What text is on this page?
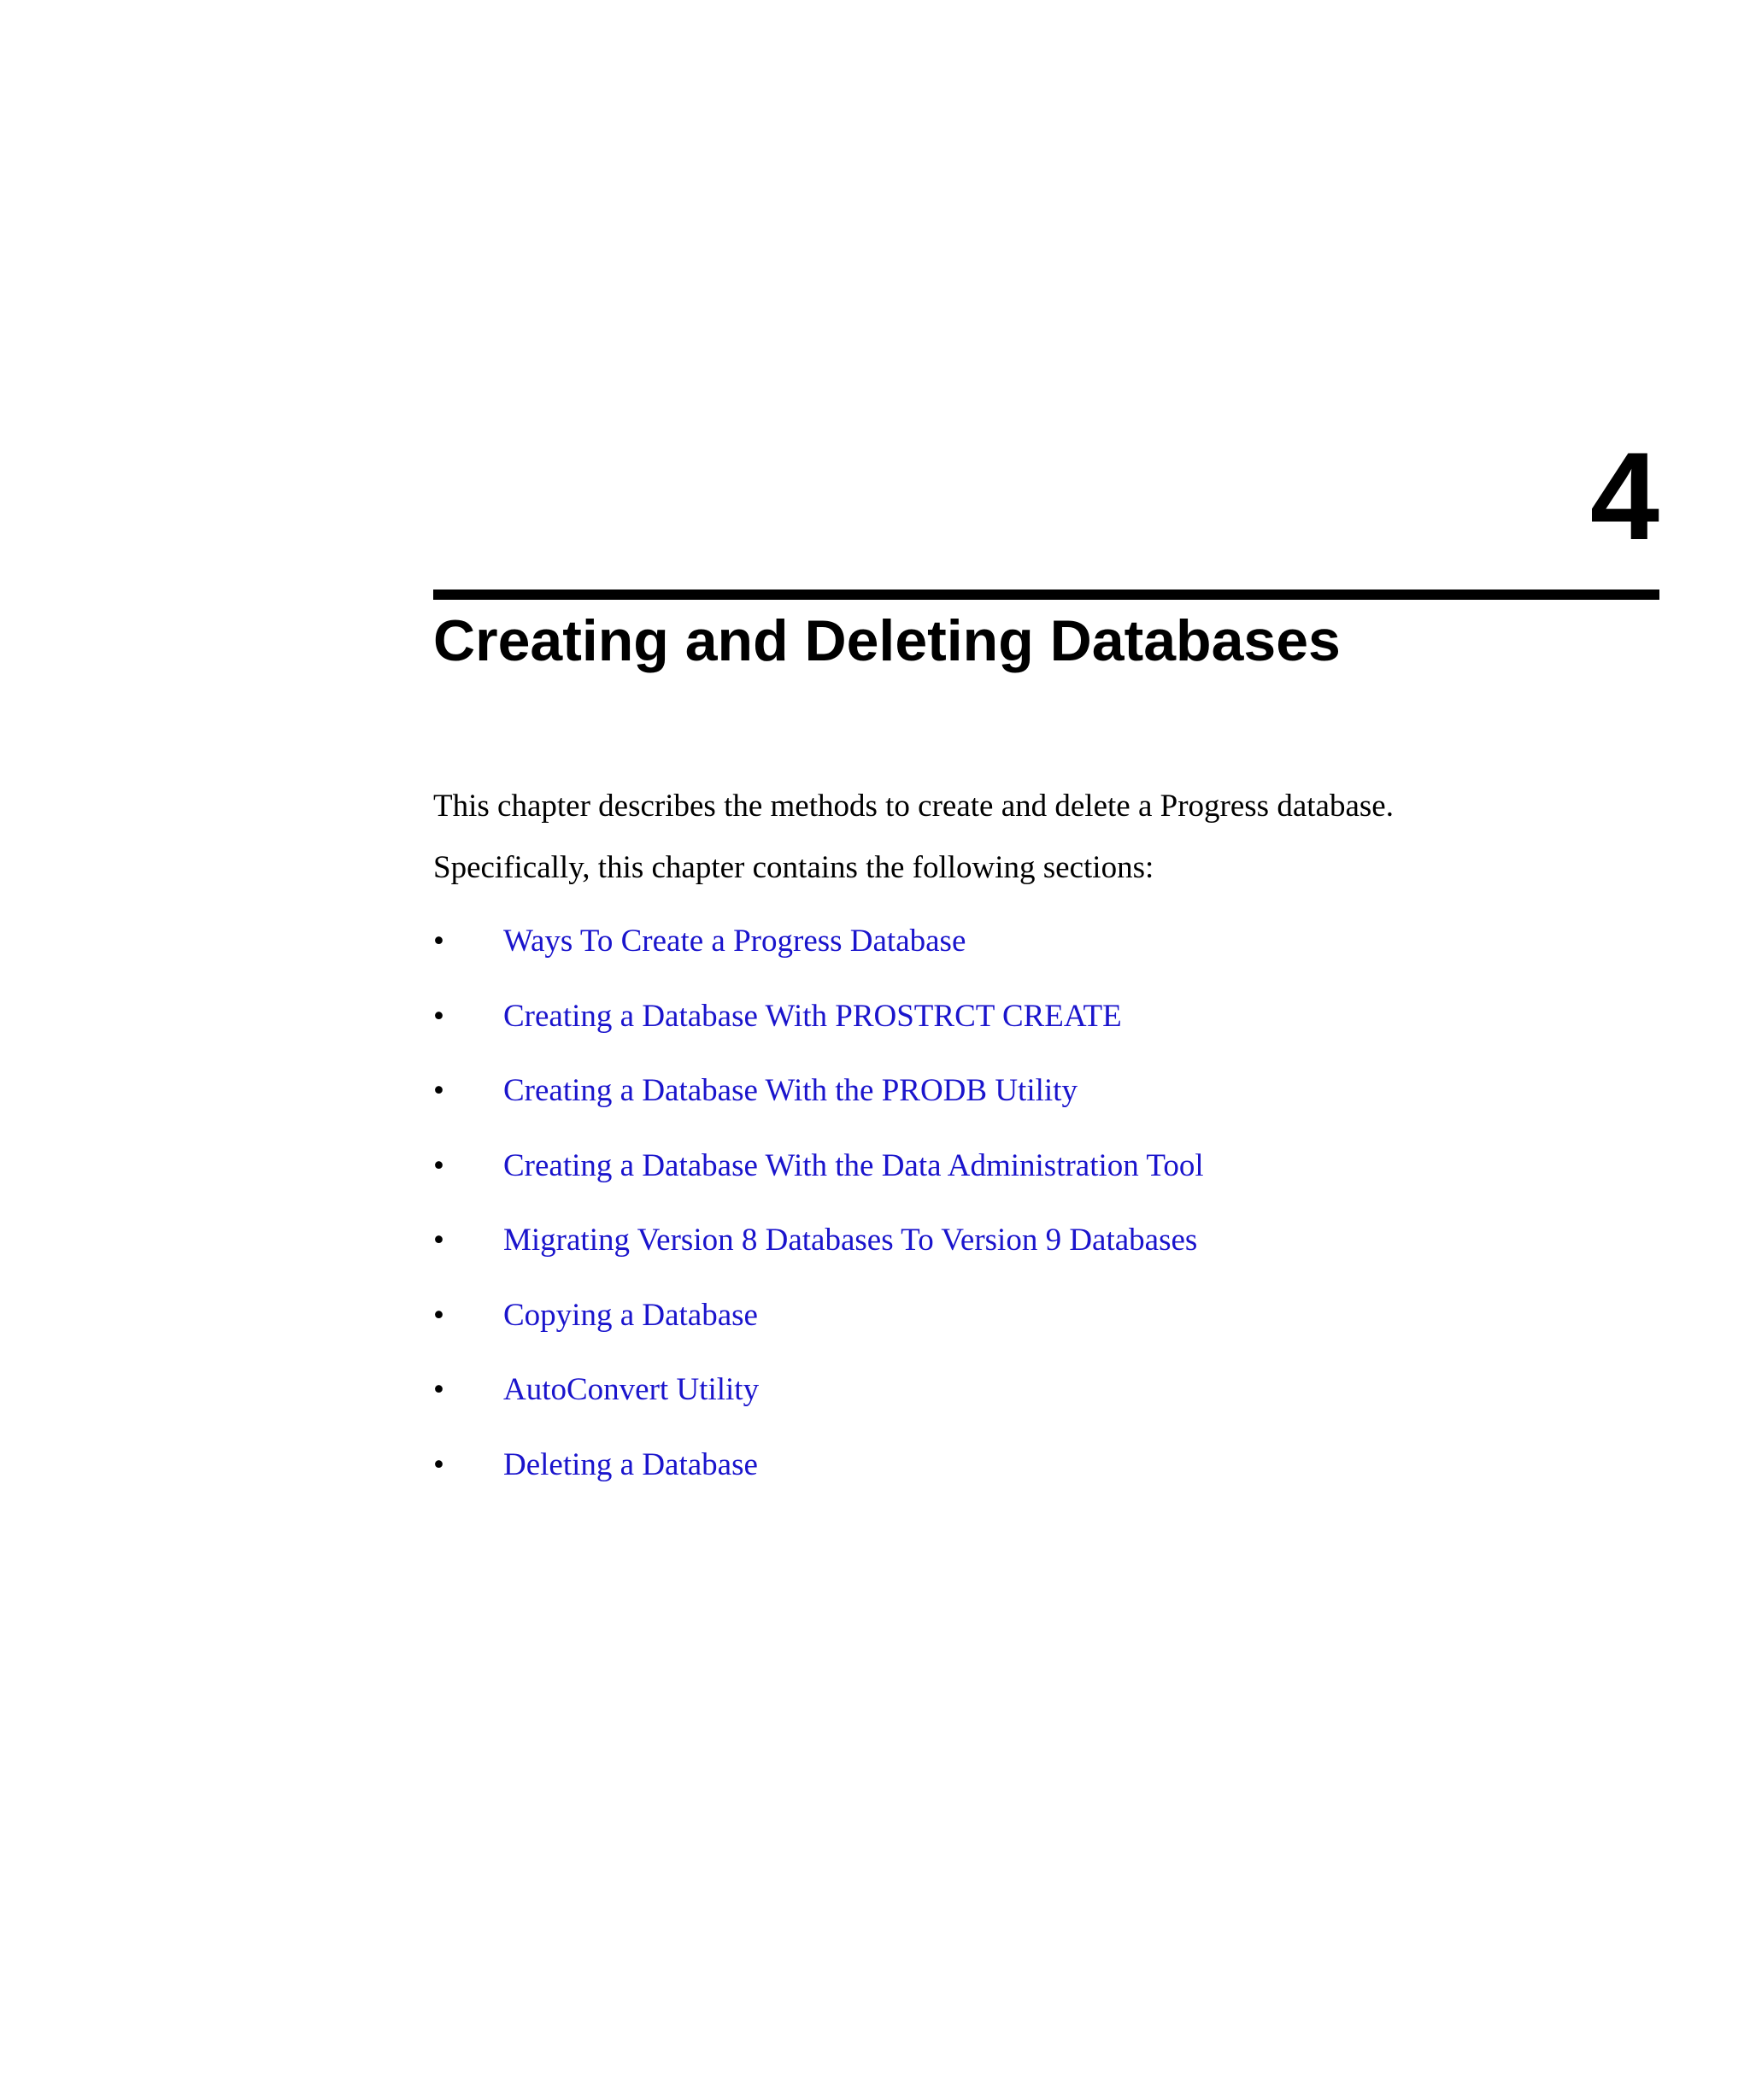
4
Creating and Deleting Databases
This chapter describes the methods to create and delete a Progress database.
Specifically, this chapter contains the following sections:
• Ways To Create a Progress Database
• Creating a Database With PROSTRCT CREATE
• Creating a Database With the PRODB Utility
• Creating a Database With the Data Administration Tool
• Migrating Version 8 Databases To Version 9 Databases
• Copying a Database
• AutoConvert Utility
• Deleting a Database
